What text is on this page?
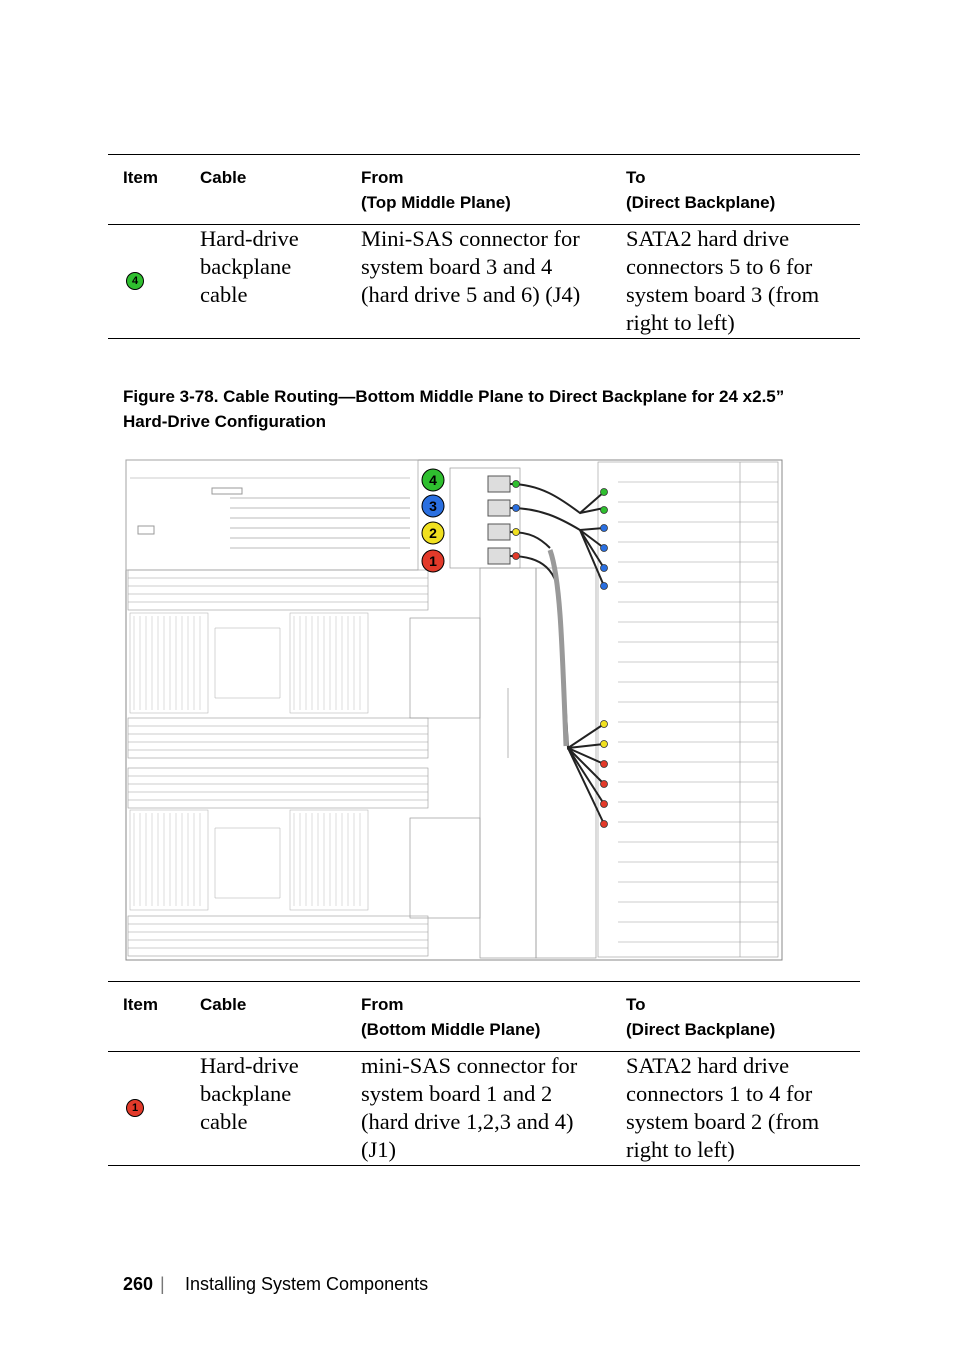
Item Cable	From
(Top Middle Plane)
To
(Direct Backplane)
4
Hard-drive
backplane
cable
Mini-SAS connector for
system board 3 and 4
(hard drive 5 and 6) (J4)
SATA2 hard drive
connectors 5 to 6 for
system board 3 (from
right to left)
Figure 3-78. Cable Routing—Bottom Middle Plane to Direct Backplane for 24 x2.5”
Hard-Drive Configuration
4
3
2
1
Item Cable	From
(Bottom Middle Plane)
To
(Direct Backplane)
1
Hard-drive
backplane
cable
mini-SAS connector for
system board 1 and 2
(hard drive 1,2,3 and 4)
(J1)
SATA2 hard drive
connectors 1 to 4 for
system board 2 (from
right to left)
260 | Installing System Components
